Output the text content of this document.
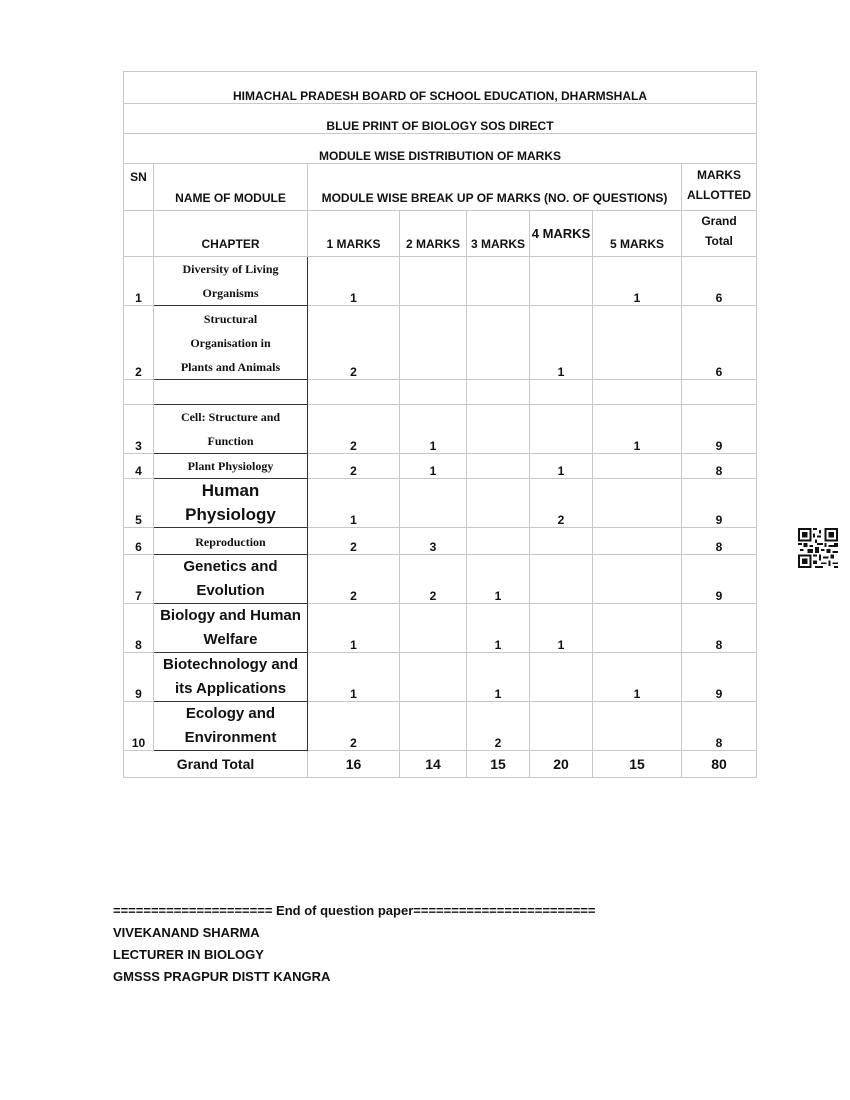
HIMACHAL PRADESH BOARD OF SCHOOL EDUCATION, DHARMSHALA							
BLUE PRINT OF BIOLOGY SOS DIRECT							
MODULE WISE DISTRIBUTION OF MARKS							
SN	NAME OF MODULE	MODULE WISE BREAK UP OF MARKS (NO. OF QUESTIONS)					MARKS
ALLOTTED

	CHAPTER	1 MARKS	2 MARKS	3 MARKS	4 MARKS	5 MARKS	Grand
Total

1	Diversity of Living
Organisms	1				1	6
2	Structural
Organisation in
Plants and Animals	2			1		6

3	Cell: Structure and
Function	2	1			1	9
4	Plant Physiology	2	1		1		8
5	Human
Physiology	1			2		9
6	Reproduction	2	3				8
7	Genetics and
Evolution	2	2	1			9
8	Biology and Human
Welfare	1		1	1		8
9	Biotechnology and
its Applications	1		1		1	9
10	Ecology and
Environment	2		2			8
Grand Total		16	14	15	20	15	80
===================== End of question paper========================
VIVEKANAND SHARMA
LECTURER IN BIOLOGY
GMSSS PRAGPUR DISTT KANGRA
